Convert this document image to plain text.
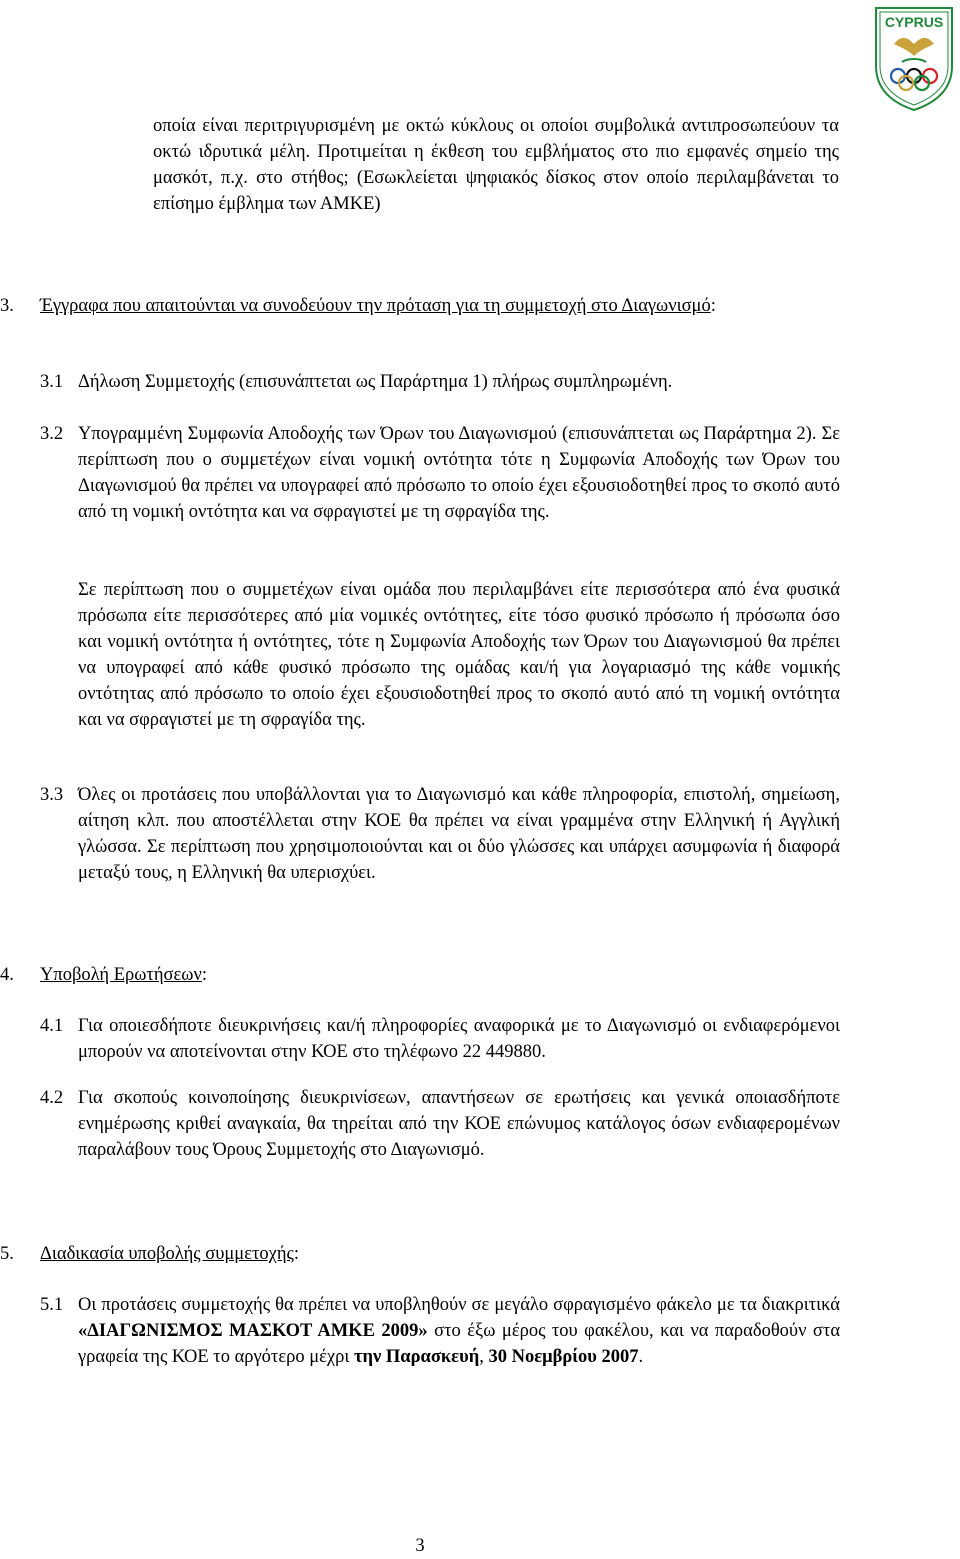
CYPRUS

οποία είναι περιτριγυρισμένη με οκτώ κύκλους οι οποίοι συμβολικά αντιπροσωπεύουν τα οκτώ ιδρυτικά μέλη. Προτιμείται η έκθεση του εμβλήματος στο πιο εμφανές σημείο της μασκότ, π.χ. στο στήθος; (Εσωκλείεται ψηφιακός δίσκος στον οποίο περιλαμβάνεται το επίσημο έμβλημα των ΑΜΚΕ)

3. Έγγραφα που απαιτούνται να συνοδεύουν την πρόταση για τη συμμετοχή στο Διαγωνισμό:

3.1 Δήλωση Συμμετοχής (επισυνάπτεται ως Παράρτημα 1) πλήρως συμπληρωμένη.

3.2 Υπογραμμένη Συμφωνία Αποδοχής των Όρων του Διαγωνισμού (επισυνάπτεται ως Παράρτημα 2). Σε περίπτωση που ο συμμετέχων είναι νομική οντότητα τότε η Συμφωνία Αποδοχής των Όρων του Διαγωνισμού θα πρέπει να υπογραφεί από πρόσωπο το οποίο έχει εξουσιοδοτηθεί προς το σκοπό αυτό από τη νομική οντότητα και να σφραγιστεί με τη σφραγίδα της.

Σε περίπτωση που ο συμμετέχων είναι ομάδα που περιλαμβάνει είτε περισσότερα από ένα φυσικά πρόσωπα είτε περισσότερες από μία νομικές οντότητες, είτε τόσο φυσικό πρόσωπο ή πρόσωπα όσο και νομική οντότητα ή οντότητες, τότε η Συμφωνία Αποδοχής των Όρων του Διαγωνισμού θα πρέπει να υπογραφεί από κάθε φυσικό πρόσωπο της ομάδας και/ή για λογαριασμό της κάθε νομικής οντότητας από πρόσωπο το οποίο έχει εξουσιοδοτηθεί προς το σκοπό αυτό από τη νομική οντότητα και να σφραγιστεί με τη σφραγίδα της.

3.3 Όλες οι προτάσεις που υποβάλλονται για το Διαγωνισμό και κάθε πληροφορία, επιστολή, σημείωση, αίτηση κλπ. που αποστέλλεται στην ΚΟΕ θα πρέπει να είναι γραμμένα στην Ελληνική ή Αγγλική γλώσσα. Σε περίπτωση που χρησιμοποιούνται και οι δύο γλώσσες και υπάρχει ασυμφωνία ή διαφορά μεταξύ τους, η Ελληνική θα υπερισχύει.

4. Υποβολή Ερωτήσεων:

4.1 Για οποιεσδήποτε διευκρινήσεις και/ή πληροφορίες αναφορικά με το Διαγωνισμό οι ενδιαφερόμενοι μπορούν να αποτείνονται στην ΚΟΕ στο τηλέφωνο 22 449880.

4.2 Για σκοπούς κοινοποίησης διευκρινίσεων, απαντήσεων σε ερωτήσεις και γενικά οποιασδήποτε ενημέρωσης κριθεί αναγκαία, θα τηρείται από την ΚΟΕ επώνυμος κατάλογος όσων ενδιαφερομένων παραλάβουν τους Όρους Συμμετοχής στο Διαγωνισμό.

5. Διαδικασία υποβολής συμμετοχής:

5.1 Οι προτάσεις συμμετοχής θα πρέπει να υποβληθούν σε μεγάλο σφραγισμένο φάκελο με τα διακριτικά «ΔΙΑΓΩΝΙΣΜΟΣ ΜΑΣΚΟΤ ΑΜΚΕ 2009» στο έξω μέρος του φακέλου, και να παραδοθούν στα γραφεία της ΚΟΕ το αργότερο μέχρι την Παρασκευή, 30 Νοεμβρίου 2007.

3
